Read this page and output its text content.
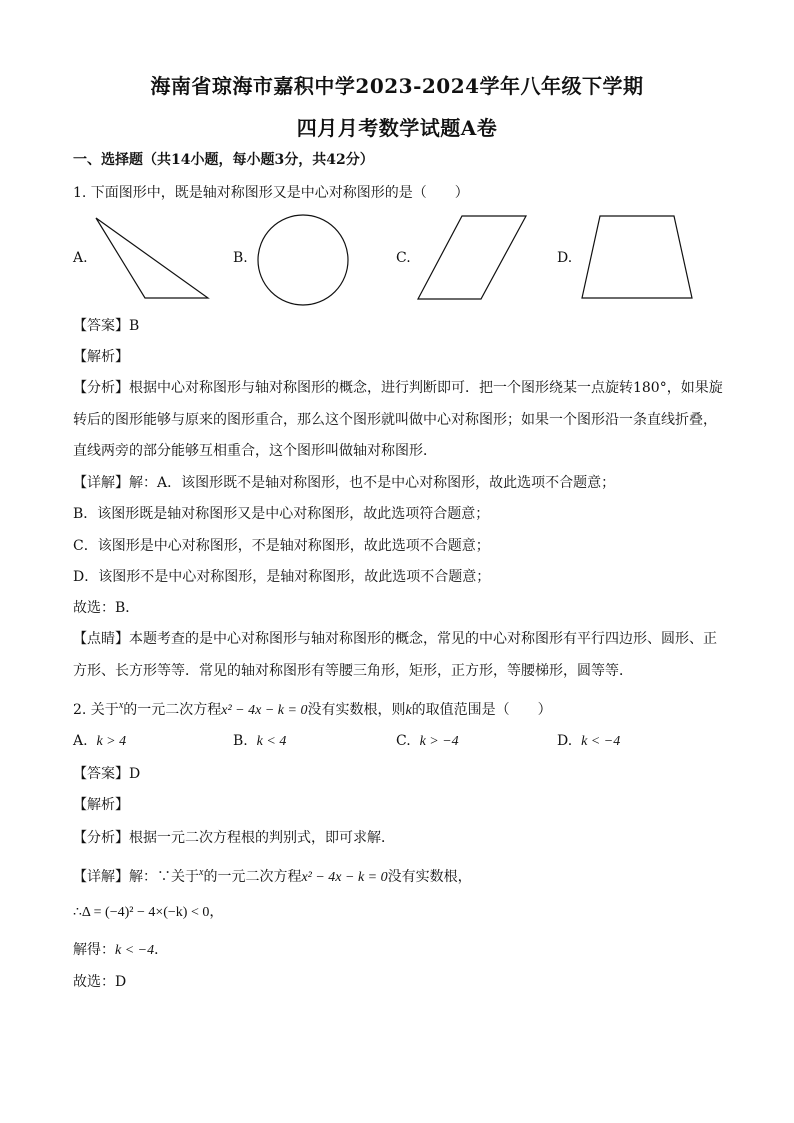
海南省琼海市嘉积中学2023-2024学年八年级下学期
四月月考数学试题A卷
一、选择题（共14小题，每小题3分，共42分）
1. 下面图形中，既是轴对称图形又是中心对称图形的是（　　）
A.	B.	C.	D.
【答案】B
【解析】
【分析】根据中心对称图形与轴对称图形的概念，进行判断即可．把一个图形绕某一点旋转180°，如果旋
转后的图形能够与原来的图形重合，那么这个图形就叫做中心对称图形；如果一个图形沿一条直线折叠，
直线两旁的部分能够互相重合，这个图形叫做轴对称图形．
【详解】解：A．该图形既不是轴对称图形，也不是中心对称图形，故此选项不合题意；
B．该图形既是轴对称图形又是中心对称图形，故此选项符合题意；
C．该图形是中心对称图形，不是轴对称图形，故此选项不合题意；
D．该图形不是中心对称图形，是轴对称图形，故此选项不合题意；
故选：B．
【点睛】本题考查的是中心对称图形与轴对称图形的概念，常见的中心对称图形有平行四边形、圆形、正
方形、长方形等等．常见的轴对称图形有等腰三角形，矩形，正方形，等腰梯形，圆等等．
2. 关于$^x$的一元二次方程x² − 4x − k = 0没有实数根，则k的取值范围是（　　）
A. k > 4	B. k < 4	C. k > −4	D. k < −4
【答案】D
【解析】
【分析】根据一元二次方程根的判别式，即可求解．
【详解】解：∵关于$^x$的一元二次方程x² − 4x − k = 0没有实数根，
∴Δ = (−4)² − 4×(−k) < 0，
解得：k < −4．
故选：D
